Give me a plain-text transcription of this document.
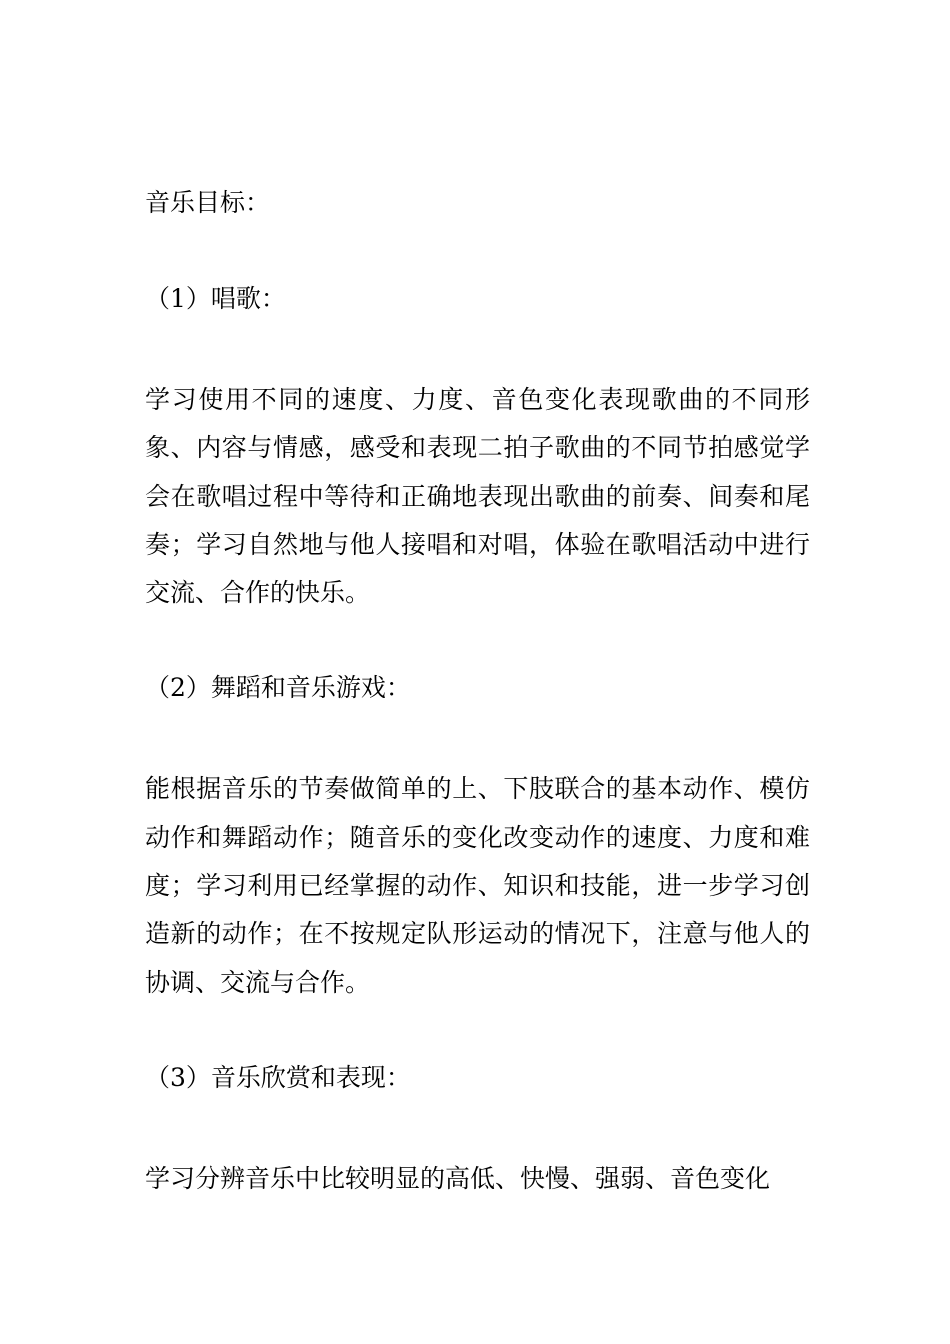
音乐目标：

（1）唱歌：

学习使用不同的速度、力度、音色变化表现歌曲的不同形象、内容与情感，感受和表现二拍子歌曲的不同节拍感觉学会在歌唱过程中等待和正确地表现出歌曲的前奏、间奏和尾奏；学习自然地与他人接唱和对唱，体验在歌唱活动中进行交流、合作的快乐。

（2）舞蹈和音乐游戏：

能根据音乐的节奏做简单的上、下肢联合的基本动作、模仿动作和舞蹈动作；随音乐的变化改变动作的速度、力度和难度；学习利用已经掌握的动作、知识和技能，进一步学习创造新的动作；在不按规定队形运动的情况下，注意与他人的协调、交流与合作。

（3）音乐欣赏和表现：

学习分辨音乐中比较明显的高低、快慢、强弱、音色变化
